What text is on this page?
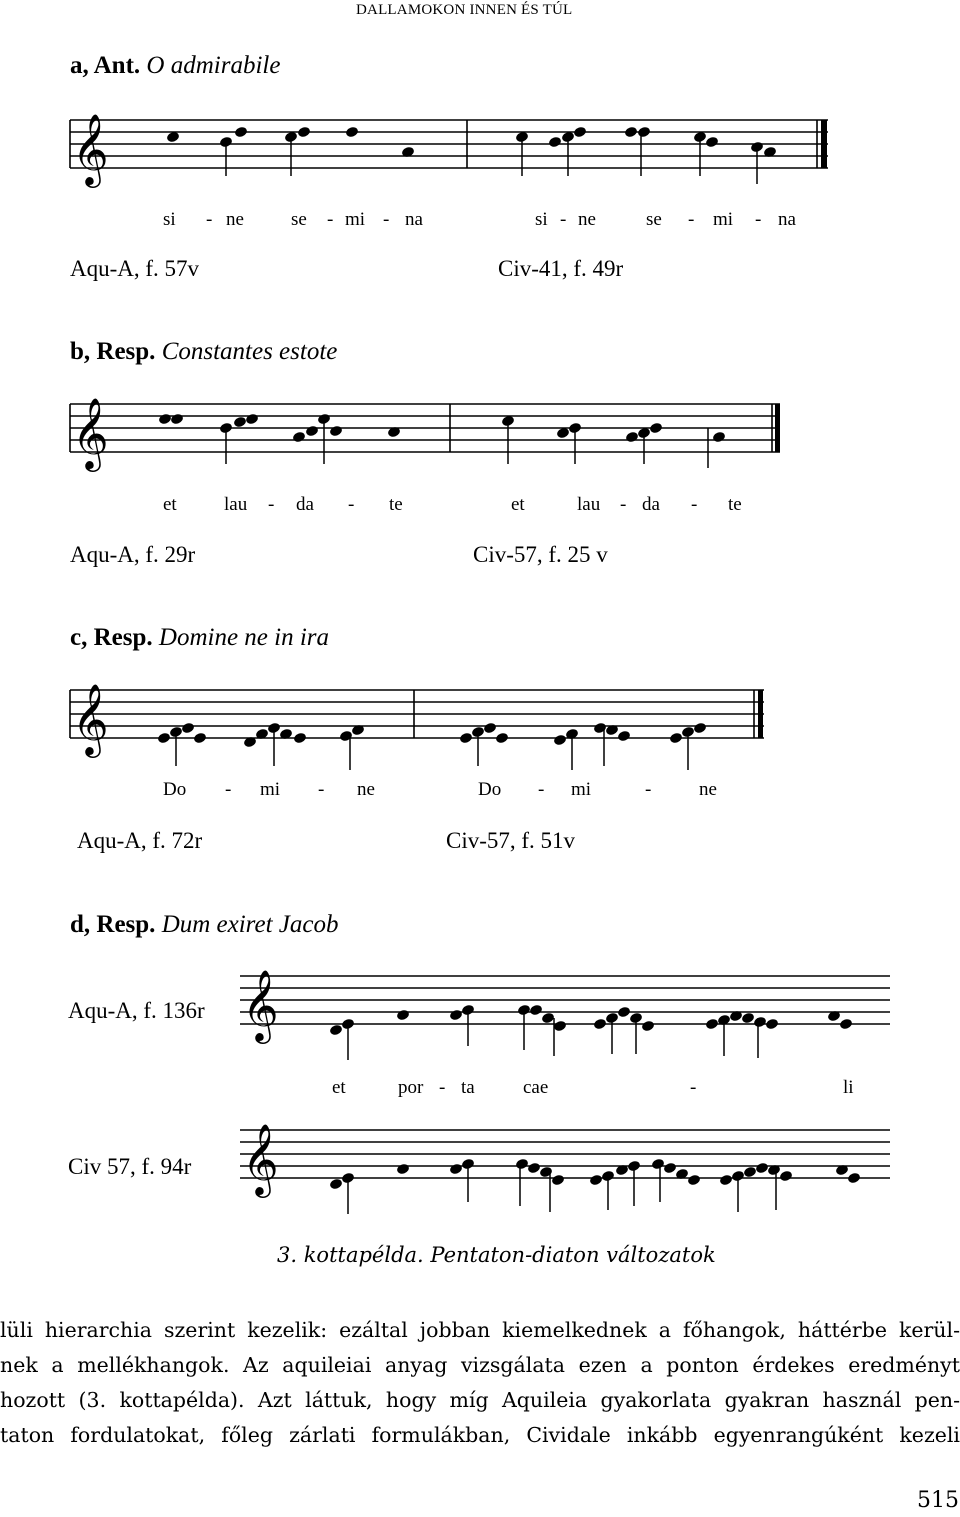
DALLAMOKON INNEN ÉS TÚL
a, Ant. O admirabile
𝄞
si - ne se - mi - na	si - ne	se - mi - na
Aqu-A, f. 57v	Civ-41, f. 49r
b, Resp. Constantes estote
𝄞
et lau - da - te	et	lau - da - te
Aqu-A, f. 29r	Civ-57, f. 25 v
c, Resp. Domine ne in ira
𝄞
Do - mi - ne	Do - mi	-	ne
Aqu-A, f. 72r	Civ-57, f. 51v
d, Resp. Dum exiret Jacob
Aqu-A, f. 136r 𝄞
et	por - ta	cae	-	li
Civ 57, f. 94r 𝄞
3. kottapélda. Pentaton-diaton változatok
lüli hierarchia szerint kezelik: ezáltal jobban kiemelkednek a főhangok, háttérbe kerül-
nek a mellékhangok. Az aquileiai anyag vizsgálata ezen a ponton érdekes eredményt
hozott (3. kottapélda). Azt láttuk, hogy míg Aquileia gyakorlata gyakran használ pen-
taton fordulatokat, főleg zárlati formulákban, Cividale inkább egyenrangúként kezeli
515
